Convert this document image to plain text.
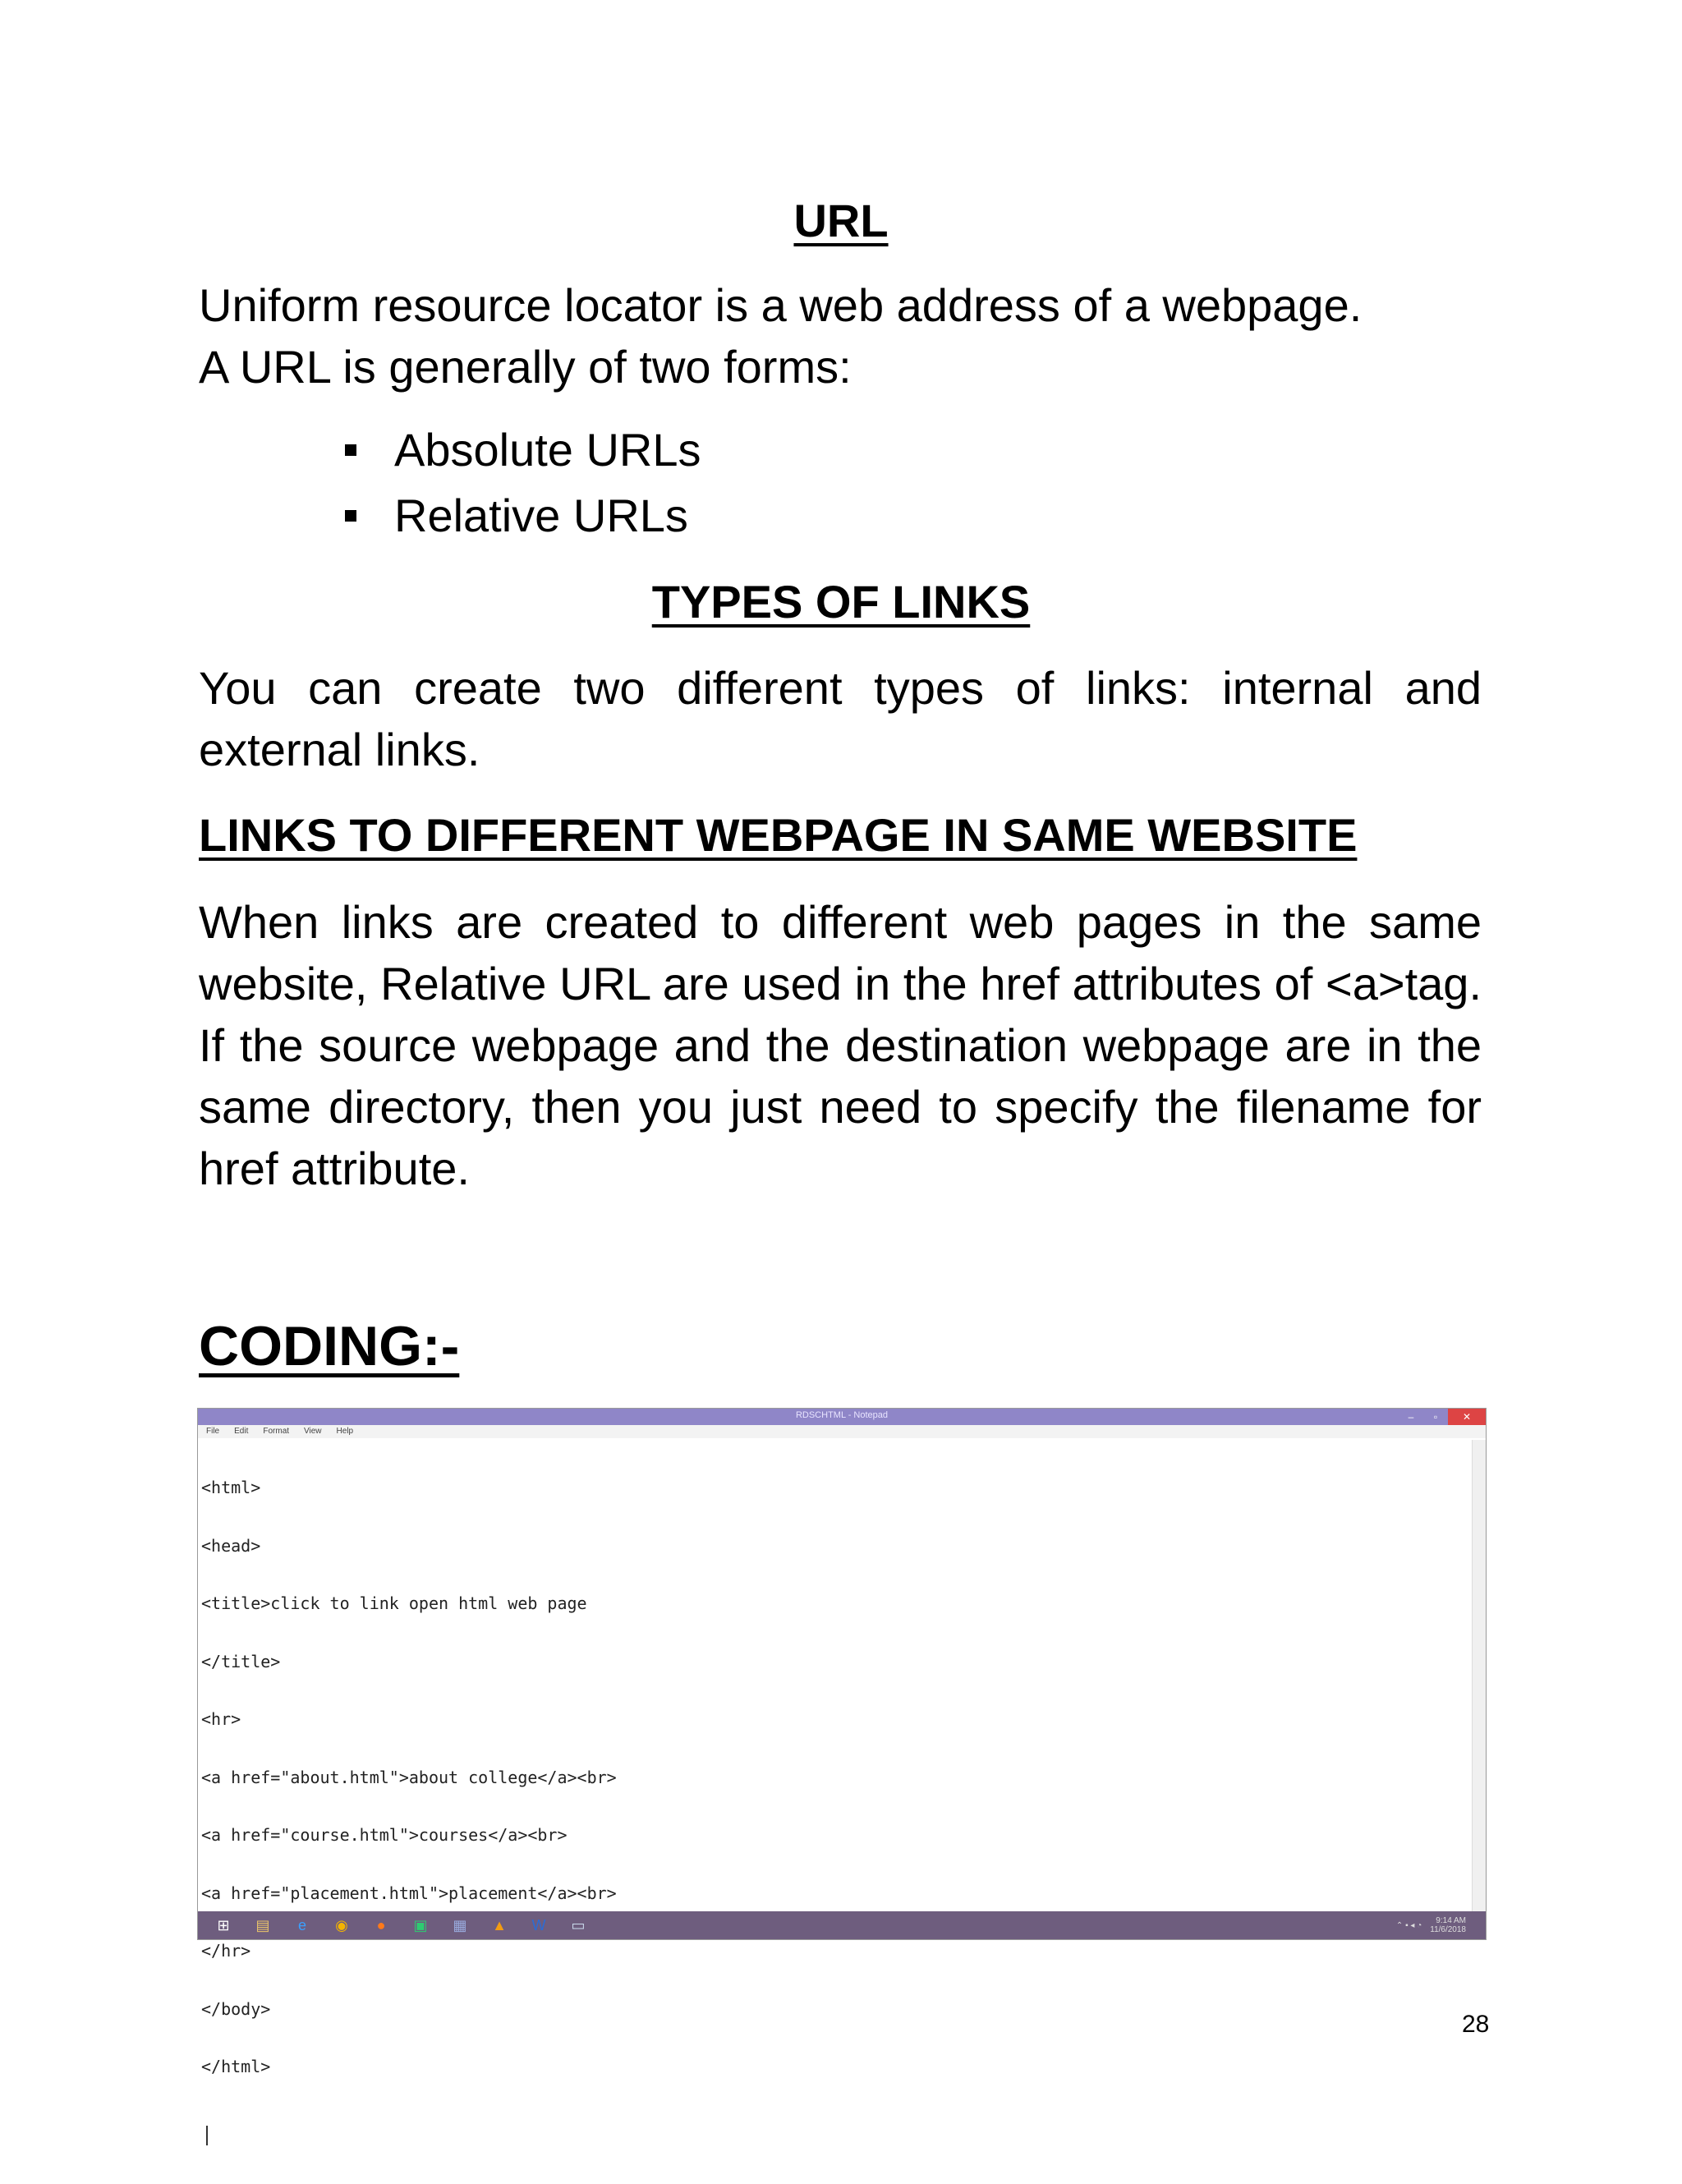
URL

Uniform resource locator is a web address of a webpage.
A URL is generally of two forms:

Absolute URLs
Relative URLs
TYPES OF LINKS

You can create two different types of links: internal and external links.

LINKS TO DIFFERENT WEBPAGE IN SAME WEBSITE

When links are created to different web pages in the same website, Relative URL are used in the href attributes of <a>tag. If the source webpage and the destination webpage are in the same directory, then you just need to specify the filename for href attribute.

CODING:-
RDSCHTML - Notepad	–	▫	✕
File Edit Format View Help

<html>

<head>

<title>click to link open html web page

</title>

<hr>

<a href="about.html">about college</a><br>

<a href="course.html">courses</a><br>

<a href="placement.html">placement</a><br>

</hr>

</body>

</html>

⊞	▤	e	◉	●	▣	▦	▲	W	▭	⌃ ▪ ◂ ◔	9:14 AM
11/6/2018

28
